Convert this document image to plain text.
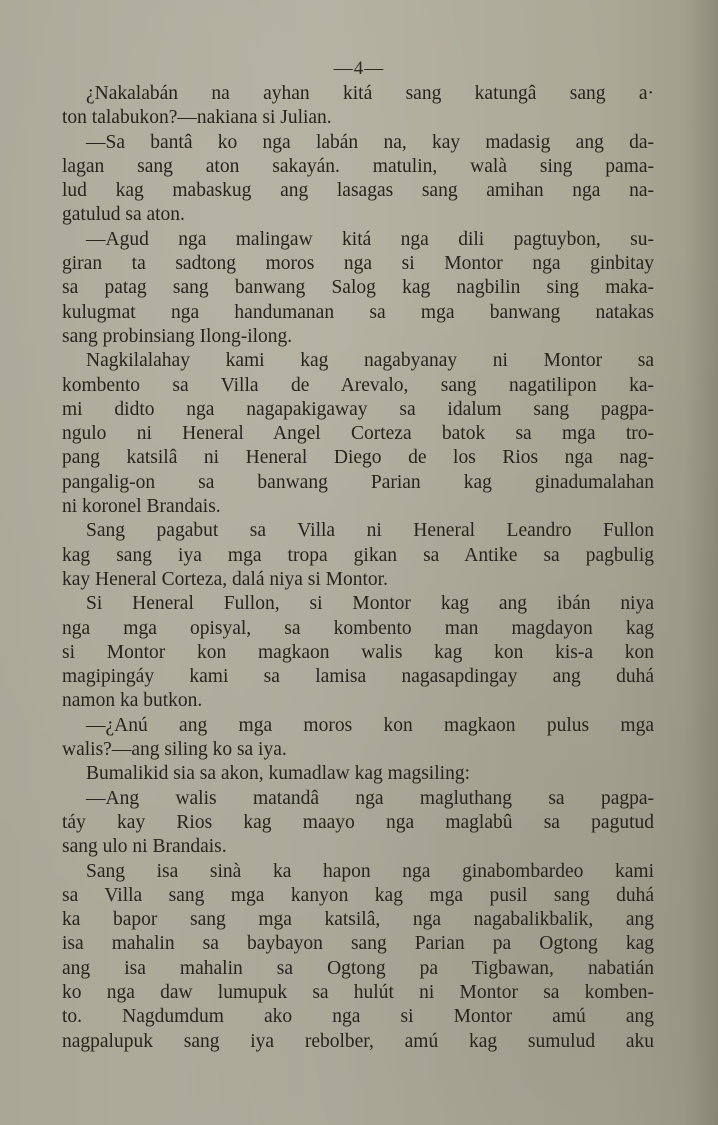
—4—
¿Nakalabán na ayhan kitá sang katungâ sang a·
ton talabukon?—nakiana si Julian.
—Sa bantâ ko nga labán na, kay madasig ang da-
lagan sang aton sakayán. matulin, walà sing pama-
lud kag mabaskug ang lasagas sang amihan nga na-
gatulud sa aton.
—Agud nga malingaw kitá nga dili pagtuybon, su-
giran ta sadtong moros nga si Montor nga ginbitay
sa patag sang banwang Salog kag nagbilin sing maka-
kulugmat nga handumanan sa mga banwang natakas
sang probinsiang Ilong-ilong.
Nagkilalahay kami kag nagabyanay ni Montor sa
kombento sa Villa de Arevalo, sang nagatilipon ka-
mi didto nga nagapakigaway sa idalum sang pagpa-
ngulo ni Heneral Angel Corteza batok sa mga tro-
pang katsilâ ni Heneral Diego de los Rios nga nag-
pangalig-on sa banwang Parian kag ginadumalahan
ni koronel Brandais.
Sang pagabut sa Villa ni Heneral Leandro Fullon
kag sang iya mga tropa gikan sa Antike sa pagbulig
kay Heneral Corteza, dalá niya si Montor.
Si Heneral Fullon, si Montor kag ang ibán niya
nga mga opisyal, sa kombento man magdayon kag
si Montor kon magkaon walis kag kon kis-a kon
magipingáy kami sa lamisa nagasapdingay ang duhá
namon ka butkon.
—¿Anú ang mga moros kon magkaon pulus mga
walis?—ang siling ko sa iya.
Bumalikid sia sa akon, kumadlaw kag magsiling:
—Ang walis matandâ nga magluthang sa pagpa-
táy kay Rios kag maayo nga maglabû sa pagutud
sang ulo ni Brandais.
Sang isa sinà ka hapon nga ginabombardeo kami
sa Villa sang mga kanyon kag mga pusil sang duhá
ka bapor sang mga katsilâ, nga nagabalikbalik, ang
isa mahalin sa baybayon sang Parian pa Ogtong kag
ang isa mahalin sa Ogtong pa Tigbawan, nabatián
ko nga daw lumupuk sa hulút ni Montor sa komben-
to. Nagdumdum ako nga si Montor amú ang
nagpalupuk sang iya rebolber, amú kag sumulud aku
